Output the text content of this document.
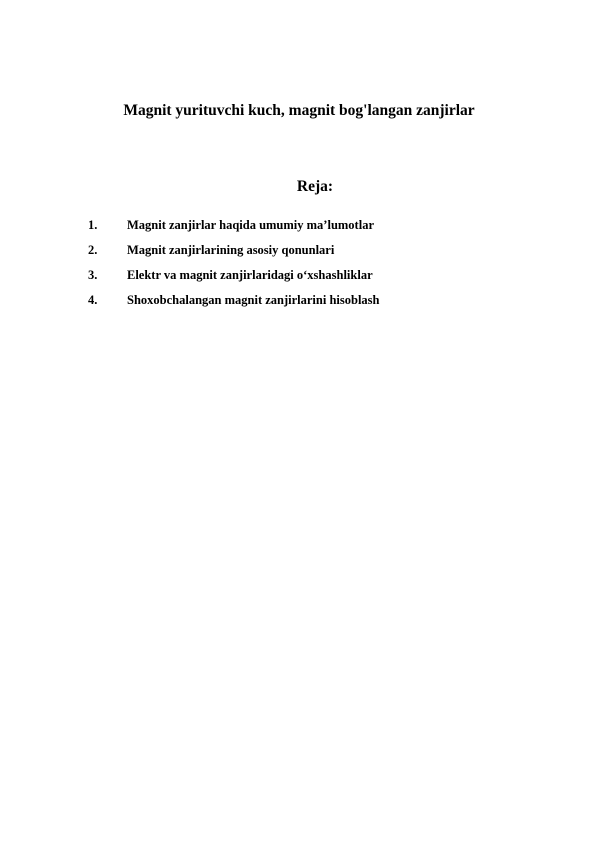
Magnit yurituvchi kuch, magnit bog'langan zanjirlar
Reja:
1. Magnit zanjirlar haqida umumiy ma’lumotlar
2. Magnit zanjirlarining asosiy qonunlari
3. Elektr va magnit zanjirlaridagi o‘xshashliklar
4. Shoxobchalangan magnit zanjirlarini hisoblash
